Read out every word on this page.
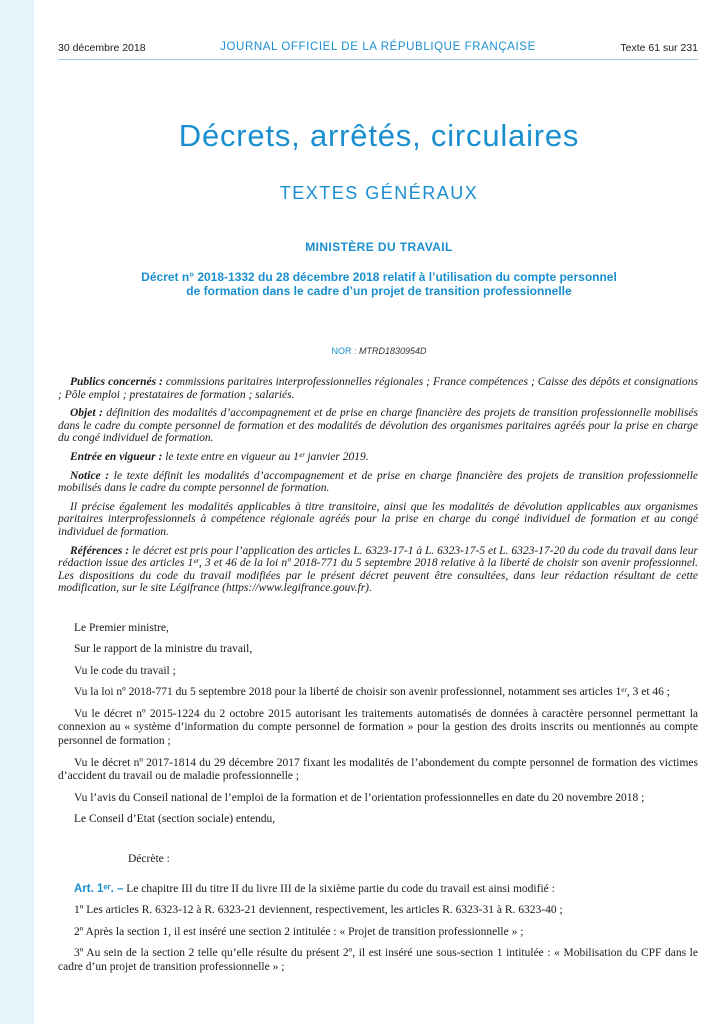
30 décembre 2018	JOURNAL OFFICIEL DE LA RÉPUBLIQUE FRANÇAISE	Texte 61 sur 231
Décrets, arrêtés, circulaires
TEXTES GÉNÉRAUX
MINISTÈRE DU TRAVAIL
Décret n° 2018-1332 du 28 décembre 2018 relatif à l’utilisation du compte personnel
de formation dans le cadre d’un projet de transition professionnelle
NOR : MTRD1830954D

Publics concernés : commissions paritaires interprofessionnelles régionales ; France compétences ; Caisse des dépôts et consignations ; Pôle emploi ; prestataires de formation ; salariés.

Objet : définition des modalités d’accompagnement et de prise en charge financière des projets de transition professionnelle mobilisés dans le cadre du compte personnel de formation et des modalités de dévolution des organismes paritaires agréés pour la prise en charge du congé individuel de formation.

Entrée en vigueur : le texte entre en vigueur au 1ᵉʳ janvier 2019.

Notice : le texte définit les modalités d’accompagnement et de prise en charge financière des projets de transition professionnelle mobilisés dans le cadre du compte personnel de formation.

Il précise également les modalités applicables à titre transitoire, ainsi que les modalités de dévolution applicables aux organismes paritaires interprofessionnels à compétence régionale agréés pour la prise en charge du congé individuel de formation et au congé individuel de formation.

Références : le décret est pris pour l’application des articles L. 6323-17-1 à L. 6323-17-5 et L. 6323-17-20 du code du travail dans leur rédaction issue des articles 1ᵉʳ, 3 et 46 de la loi nº 2018-771 du 5 septembre 2018 relative à la liberté de choisir son avenir professionnel. Les dispositions du code du travail modifiées par le présent décret peuvent être consultées, dans leur rédaction résultant de cette modification, sur le site Légifrance (https://www.legifrance.gouv.fr).

Le Premier ministre,

Sur le rapport de la ministre du travail,

Vu le code du travail ;

Vu la loi nº 2018-771 du 5 septembre 2018 pour la liberté de choisir son avenir professionnel, notamment ses articles 1ᵉʳ, 3 et 46 ;

Vu le décret nº 2015-1224 du 2 octobre 2015 autorisant les traitements automatisés de données à caractère personnel permettant la connexion au « système d’information du compte personnel de formation » pour la gestion des droits inscrits ou mentionnés au compte personnel de formation ;

Vu le décret nº 2017-1814 du 29 décembre 2017 fixant les modalités de l’abondement du compte personnel de formation des victimes d’accident du travail ou de maladie professionnelle ;

Vu l’avis du Conseil national de l’emploi de la formation et de l’orientation professionnelles en date du 20 novembre 2018 ;

Le Conseil d’Etat (section sociale) entendu,

Décrète :

Art. 1ᵉʳ. – Le chapitre III du titre II du livre III de la sixième partie du code du travail est ainsi modifié :

1º Les articles R. 6323-12 à R. 6323-21 deviennent, respectivement, les articles R. 6323-31 à R. 6323-40 ;

2º Après la section 1, il est inséré une section 2 intitulée : « Projet de transition professionnelle » ;

3º Au sein de la section 2 telle qu’elle résulte du présent 2º, il est inséré une sous-section 1 intitulée : « Mobilisation du CPF dans le cadre d’un projet de transition professionnelle » ;
